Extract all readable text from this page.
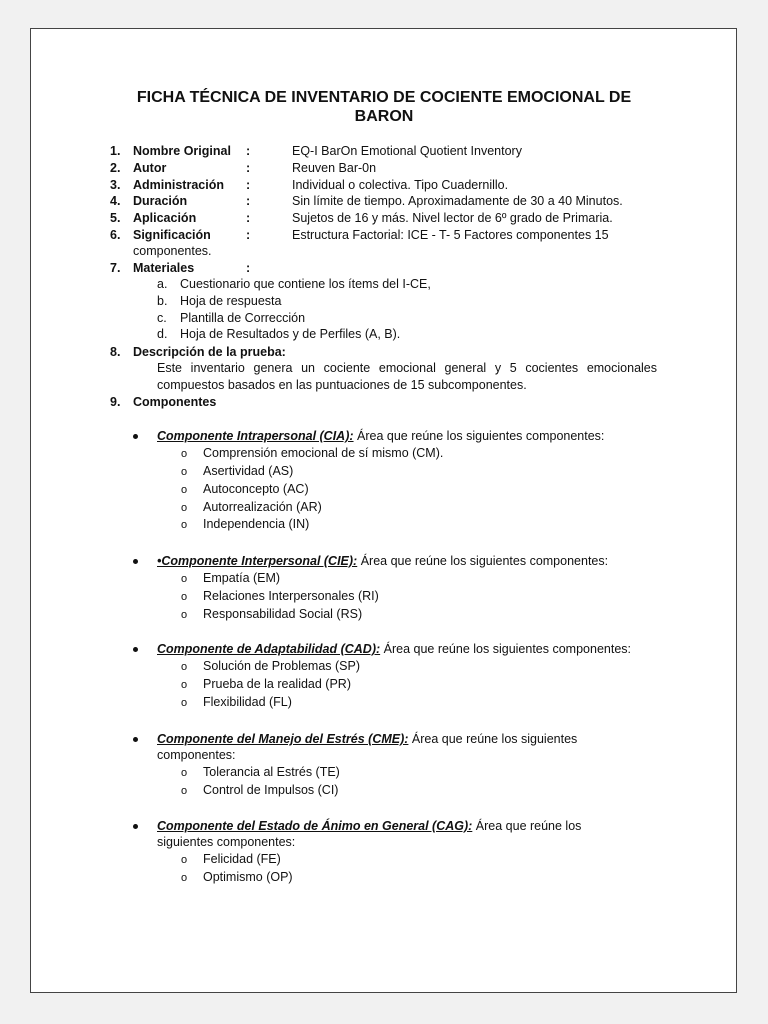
FICHA TÉCNICA DE INVENTARIO DE COCIENTE EMOCIONAL DE
BARON
1. Nombre Original :	EQ-I BarOn Emotional Quotient Inventory
2. Autor	:	Reuven Bar-0n
3. Administración :	Individual o colectiva. Tipo Cuadernillo.
4. Duración	:	Sin límite de tiempo. Aproximadamente de 30 a 40 Minutos.
5. Aplicación	:	Sujetos de 16 y más. Nivel lector de 6º grado de Primaria.
6. Significación	:	Estructura Factorial: ICE - T- 5 Factores componentes 15
componentes.
7. Materiales	:
a. Cuestionario que contiene los ítems del I-CE,
b. Hoja de respuesta
c. Plantilla de Corrección
d. Hoja de Resultados y de Perfiles (A, B).
8. Descripción de la prueba:
Este inventario genera un cociente emocional general y 5 cocientes emocionales
compuestos basados en las puntuaciones de 15 subcomponentes.
9. Componentes
Componente Intrapersonal (CIA): Área que reúne los siguientes componentes:
o Comprensión emocional de sí mismo (CM).
o Asertividad (AS)
o Autoconcepto (AC)
o Autorrealización (AR)
o Independencia (IN)
•Componente Interpersonal (CIE): Área que reúne los siguientes componentes:
o Empatía (EM)
o Relaciones Interpersonales (RI)
o Responsabilidad Social (RS)
Componente de Adaptabilidad (CAD): Área que reúne los siguientes componentes:
o Solución de Problemas (SP)
o Prueba de la realidad (PR)
o Flexibilidad (FL)
Componente del Manejo del Estrés (CME): Área que reúne los siguientes
componentes:
o Tolerancia al Estrés (TE)
o Control de Impulsos (CI)
Componente del Estado de Ánimo en General (CAG): Área que reúne los
siguientes componentes:
o Felicidad (FE)
o Optimismo (OP)
